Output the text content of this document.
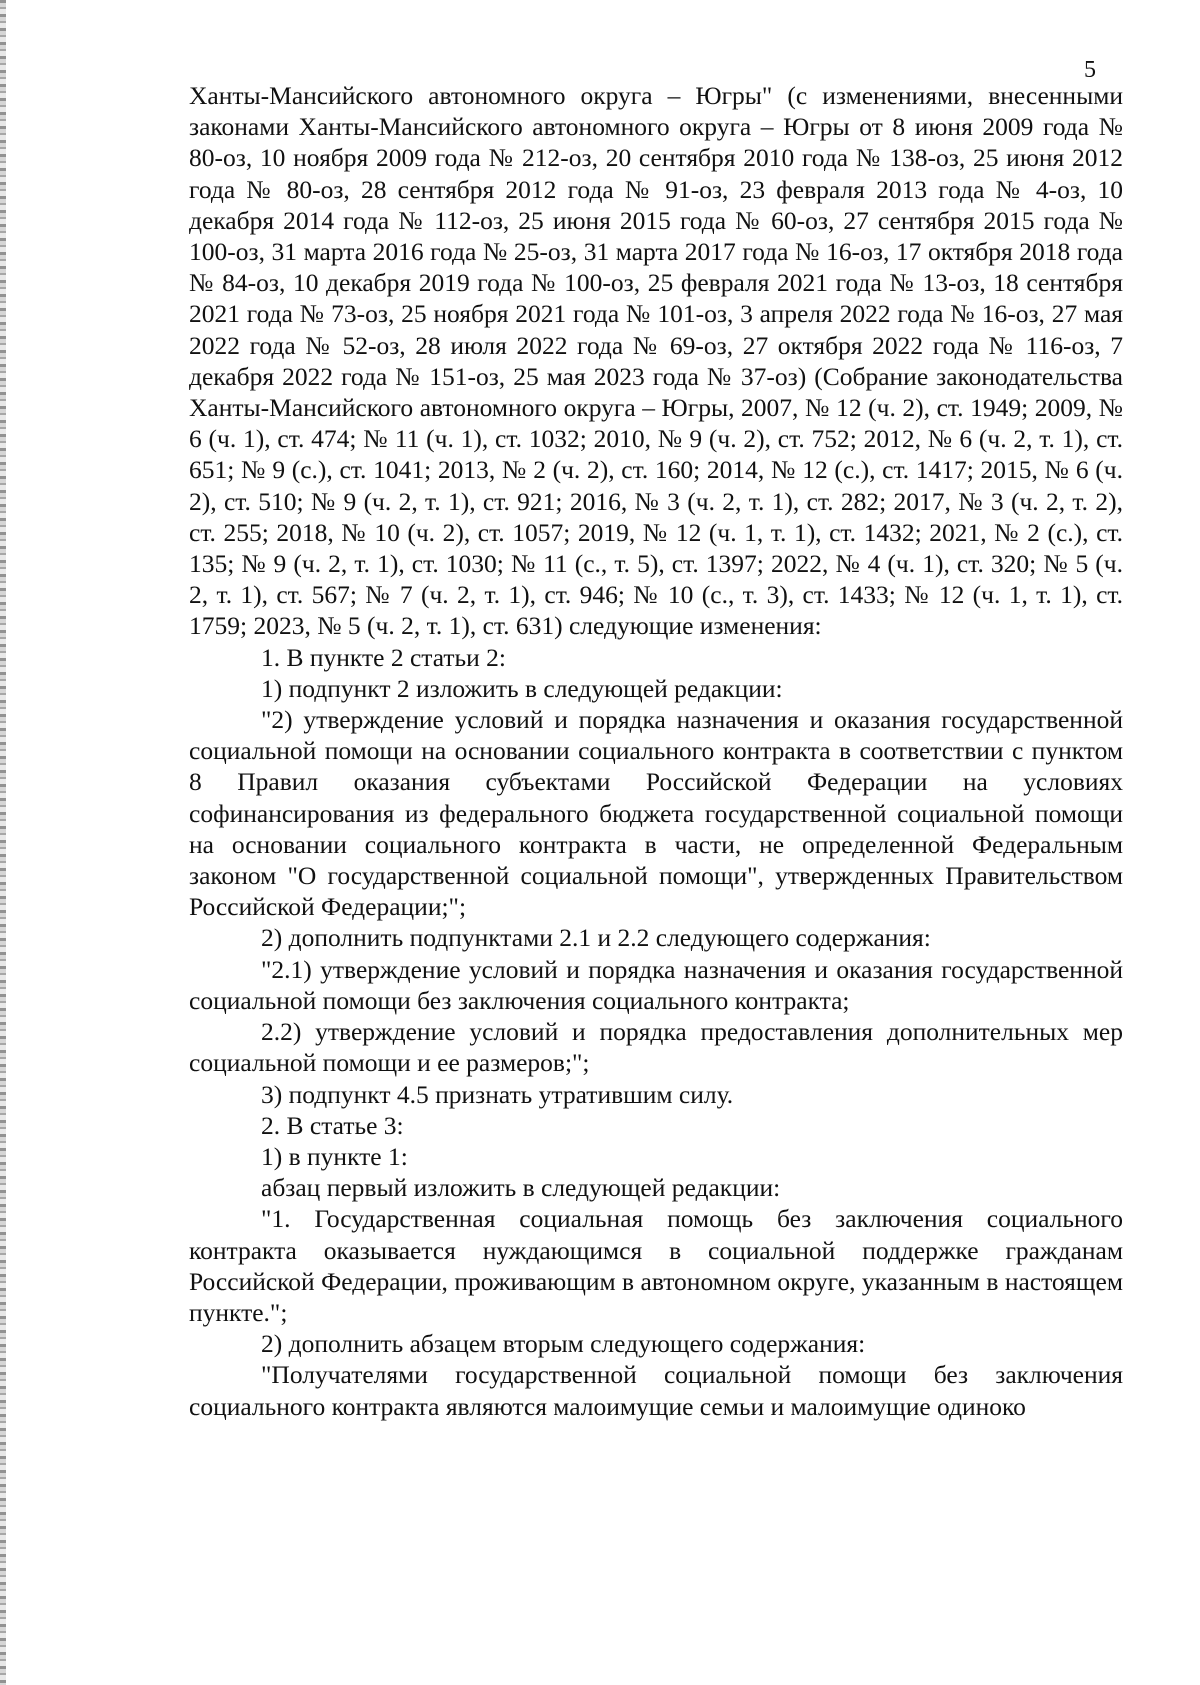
5

Ханты-Мансийского автономного округа – Югры" (с изменениями, внесенными законами Ханты-Мансийского автономного округа – Югры от 8 июня 2009 года № 80-оз, 10 ноября 2009 года № 212-оз, 20 сентября 2010 года № 138-оз, 25 июня 2012 года № 80-оз, 28 сентября 2012 года № 91-оз, 23 февраля 2013 года № 4-оз, 10 декабря 2014 года № 112-оз, 25 июня 2015 года № 60-оз, 27 сентября 2015 года № 100-оз, 31 марта 2016 года № 25-оз, 31 марта 2017 года № 16-оз, 17 октября 2018 года № 84-оз, 10 декабря 2019 года № 100-оз, 25 февраля 2021 года № 13-оз, 18 сентября 2021 года № 73-оз, 25 ноября 2021 года № 101-оз, 3 апреля 2022 года № 16-оз, 27 мая 2022 года № 52-оз, 28 июля 2022 года № 69-оз, 27 октября 2022 года № 116-оз, 7 декабря 2022 года № 151-оз, 25 мая 2023 года № 37-оз) (Собрание законодательства Ханты-Мансийского автономного округа – Югры, 2007, № 12 (ч. 2), ст. 1949; 2009, № 6 (ч. 1), ст. 474; № 11 (ч. 1), ст. 1032; 2010, № 9 (ч. 2), ст. 752; 2012, № 6 (ч. 2, т. 1), ст. 651; № 9 (с.), ст. 1041; 2013, № 2 (ч. 2), ст. 160; 2014, № 12 (с.), ст. 1417; 2015, № 6 (ч. 2), ст. 510; № 9 (ч. 2, т. 1), ст. 921; 2016, № 3 (ч. 2, т. 1), ст. 282; 2017, № 3 (ч. 2, т. 2), ст. 255; 2018, № 10 (ч. 2), ст. 1057; 2019, № 12 (ч. 1, т. 1), ст. 1432; 2021, № 2 (с.), ст. 135; № 9 (ч. 2, т. 1), ст. 1030; № 11 (с., т. 5), ст. 1397; 2022, № 4 (ч. 1), ст. 320; № 5 (ч. 2, т. 1), ст. 567; № 7 (ч. 2, т. 1), ст. 946; № 10 (с., т. 3), ст. 1433; № 12 (ч. 1, т. 1), ст. 1759; 2023, № 5 (ч. 2, т. 1), ст. 631) следующие изменения:

1. В пункте 2 статьи 2:

1) подпункт 2 изложить в следующей редакции:

"2) утверждение условий и порядка назначения и оказания государственной социальной помощи на основании социального контракта в соответствии с пунктом 8 Правил оказания субъектами Российской Федерации на условиях софинансирования из федерального бюджета государственной социальной помощи на основании социального контракта в части, не определенной Федеральным законом "О государственной социальной помощи", утвержденных Правительством Российской Федерации;";

2) дополнить подпунктами 2.1 и 2.2 следующего содержания:

"2.1) утверждение условий и порядка назначения и оказания государственной социальной помощи без заключения социального контракта;

2.2) утверждение условий и порядка предоставления дополнительных мер социальной помощи и ее размеров;";

3) подпункт 4.5 признать утратившим силу.

2. В статье 3:

1) в пункте 1:

абзац первый изложить в следующей редакции:

"1. Государственная социальная помощь без заключения социального контракта оказывается нуждающимся в социальной поддержке гражданам Российской Федерации, проживающим в автономном округе, указанным в настоящем пункте.";

2) дополнить абзацем вторым следующего содержания:

"Получателями государственной социальной помощи без заключения социального контракта являются малоимущие семьи и малоимущие одиноко
